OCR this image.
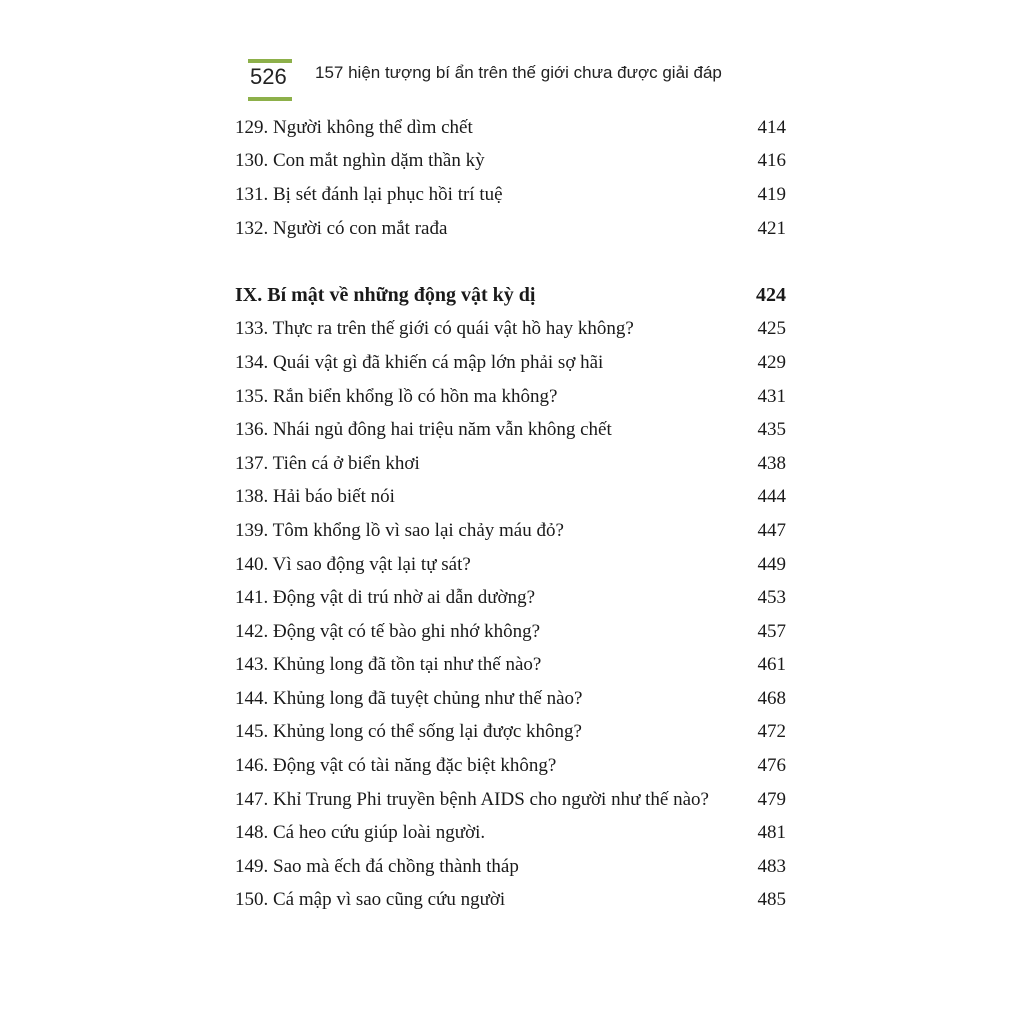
526 157 hiện tượng bí ẩn trên thế giới chưa được giải đáp
129. Người không thể dìm chết	414
130. Con mắt nghìn dặm thần kỳ	416
131. Bị sét đánh lại phục hồi trí tuệ	419
132. Người có con mắt rađa	421
IX. Bí mật về những động vật kỳ dị	424
133. Thực ra trên thế giới có quái vật hồ hay không?	425
134. Quái vật gì đã khiến cá mập lớn phải sợ hãi	429
135. Rắn biển khổng lồ có hồn ma không?	431
136. Nhái ngủ đông hai triệu năm vẫn không chết	435
137. Tiên cá ở biển khơi	438
138. Hải báo biết nói	444
139. Tôm khổng lồ vì sao lại chảy máu đỏ?	447
140. Vì sao động vật lại tự sát?	449
141. Động vật di trú nhờ ai dẫn dường?	453
142. Động vật có tế bào ghi nhớ không?	457
143. Khủng long đã tồn tại như thế nào?	461
144. Khủng long đã tuyệt chủng như thế nào?	468
145. Khủng long có thể sống lại được không?	472
146. Động vật có tài năng đặc biệt không?	476
147. Khỉ Trung Phi truyền bệnh AIDS cho người như thế nào?	479
148. Cá heo cứu giúp loài người.	481
149. Sao mà ếch đá chồng thành tháp	483
150. Cá mập vì sao cũng cứu người	485
